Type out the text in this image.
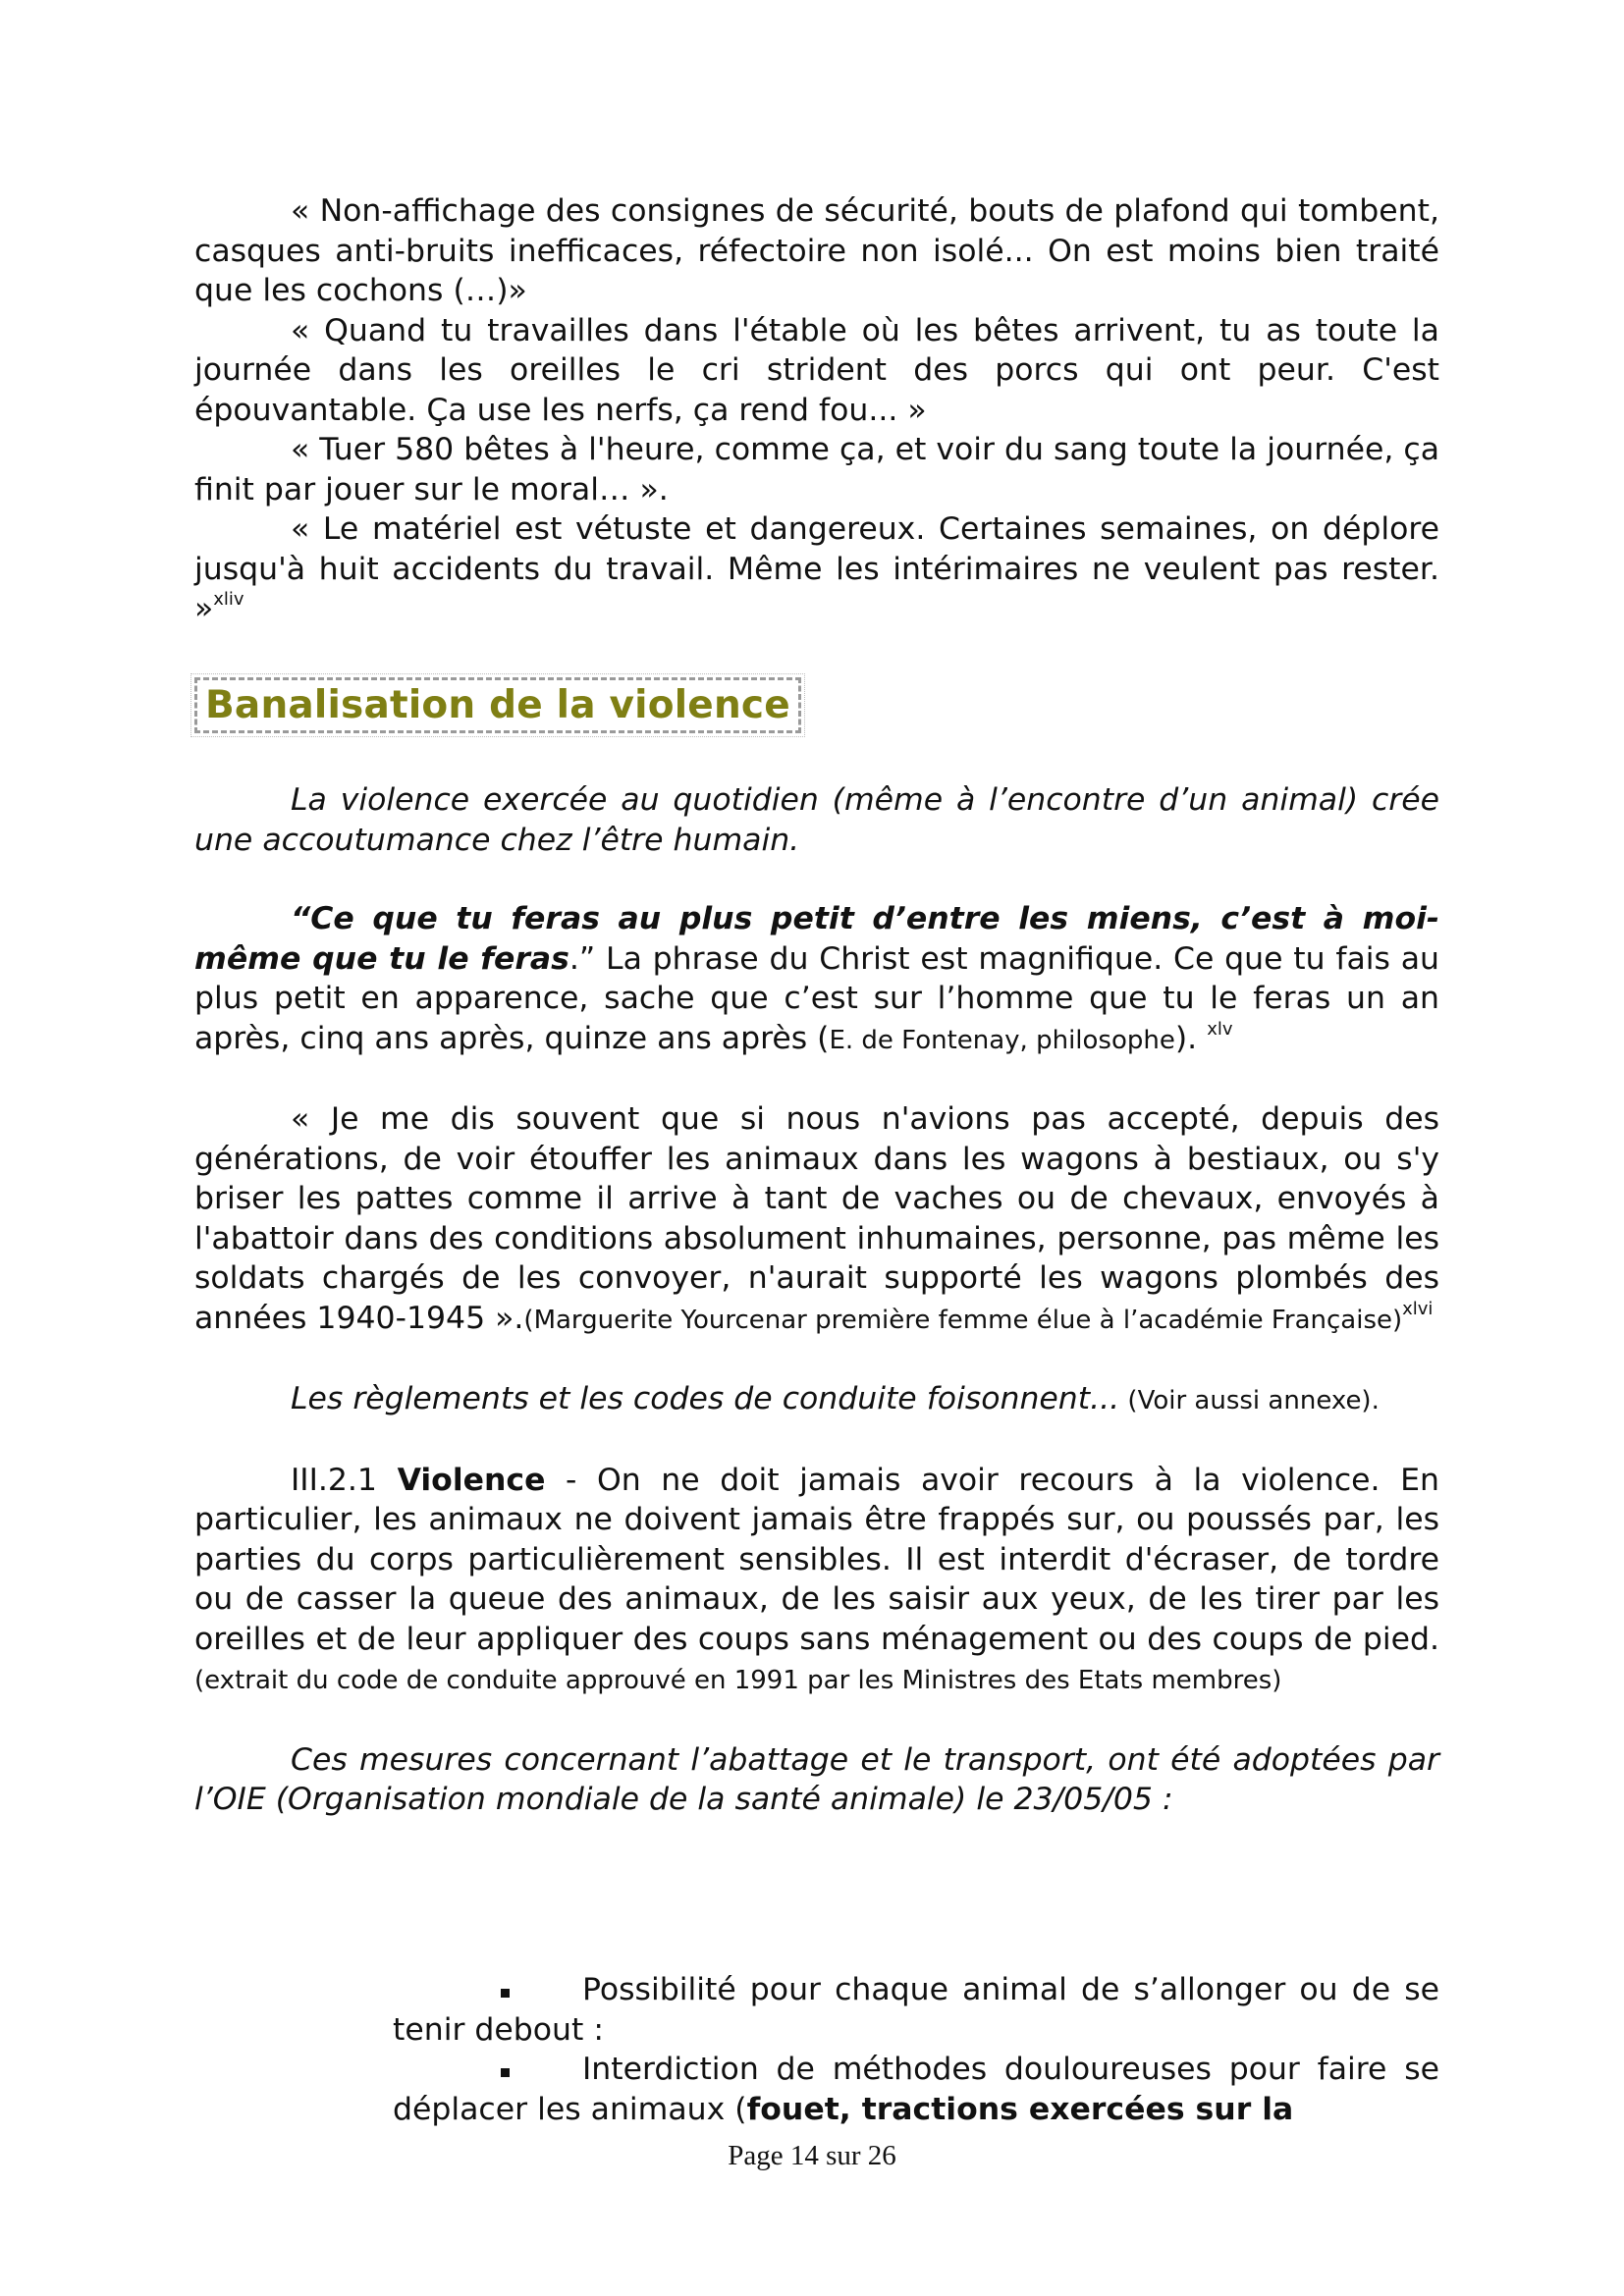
« Non-affichage des consignes de sécurité, bouts de plafond qui tombent, casques anti-bruits inefficaces, réfectoire non isolé... On est moins bien traité que les cochons (…)»

« Quand tu travailles dans l'étable où les bêtes arrivent, tu as toute la journée dans les oreilles le cri strident des porcs qui ont peur. C'est épouvantable. Ça use les nerfs, ça rend fou... »

« Tuer 580 bêtes à l'heure, comme ça, et voir du sang toute la journée, ça finit par jouer sur le moral… ».

« Le matériel est vétuste et dangereux. Certaines semaines, on déplore jusqu'à huit accidents du travail. Même les intérimaires ne veulent pas rester. »$^{xliv}$

Banalisation de la violence

La violence exercée au quotidien (même à l’encontre d’un animal) crée une accoutumance chez l’être humain.

“Ce que tu feras au plus petit d’entre les miens, c’est à moi-même que tu le feras.” La phrase du Christ est magnifique. Ce que tu fais au plus petit en apparence, sache que c’est sur l’homme que tu le feras un an après, cinq ans après, quinze ans après (E. de Fontenay, philosophe). $^{xlv}$

« Je me dis souvent que si nous n'avions pas accepté, depuis des générations, de voir étouffer les animaux dans les wagons à bestiaux, ou s'y briser les pattes comme il arrive à tant de vaches ou de chevaux, envoyés à l'abattoir dans des conditions absolument inhumaines, personne, pas même les soldats chargés de les convoyer, n'aurait supporté les wagons plombés des années 1940-1945 ».(Marguerite Yourcenar première femme élue à l’académie Française)$^{xlvi}$

Les règlements et les codes de conduite foisonnent... (Voir aussi annexe).

III.2.1 Violence - On ne doit jamais avoir recours à la violence. En particulier, les animaux ne doivent jamais être frappés sur, ou poussés par, les parties du corps particulièrement sensibles. Il est interdit d'écraser, de tordre ou de casser la queue des animaux, de les saisir aux yeux, de les tirer par les oreilles et de leur appliquer des coups sans ménagement ou des coups de pied. (extrait du code de conduite approuvé en 1991 par les Ministres des Etats membres)

Ces mesures concernant l’abattage et le transport, ont été adoptées par l’OIE (Organisation mondiale de la santé animale) le 23/05/05 :

Possibilité pour chaque animal de s’allonger ou de se tenir debout :

Interdiction de méthodes douloureuses pour faire se déplacer les animaux (fouet, tractions exercées sur la

Page 14 sur 26
